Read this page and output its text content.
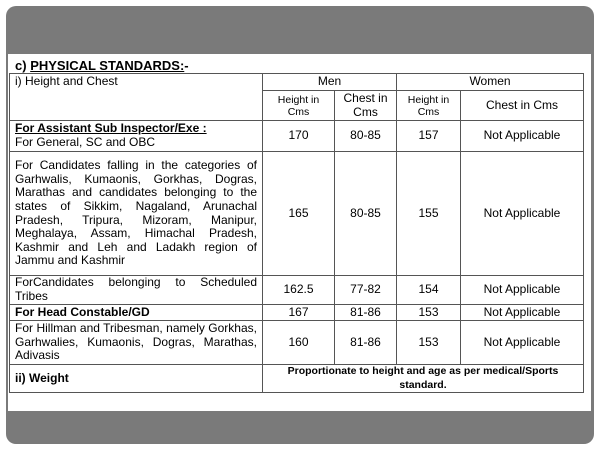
c) PHYSICAL STANDARDS:-
i) Height and Chest	Men		Women	
	Height in Cms	Chest in Cms	Height in Cms	Chest in Cms

For Assistant Sub Inspector/Exe :
For General, SC and OBC	170	80-85	157	Not Applicable
For Candidates falling in the categories of Garhwalis, Kumaonis, Gorkhas, Dogras, Marathas and candidates belonging to the states of Sikkim, Nagaland, Arunachal Pradesh, Tripura, Mizoram, Manipur, Meghalaya, Assam, Himachal Pradesh, Kashmir and Leh and Ladakh region of Jammu and Kashmir	165	80-85	155	Not Applicable
ForCandidates belonging to Scheduled Tribes	162.5	77-82	154	Not Applicable
For Head Constable/GD	167	81-86	153	Not Applicable
For Hillman and Tribesman, namely Gorkhas, Garhwalies, Kumaonis, Dogras, Marathas, Adivasis	160	81-86	153	Not Applicable
ii) Weight	Proportionate to height and age as per medical/Sports standard.			
